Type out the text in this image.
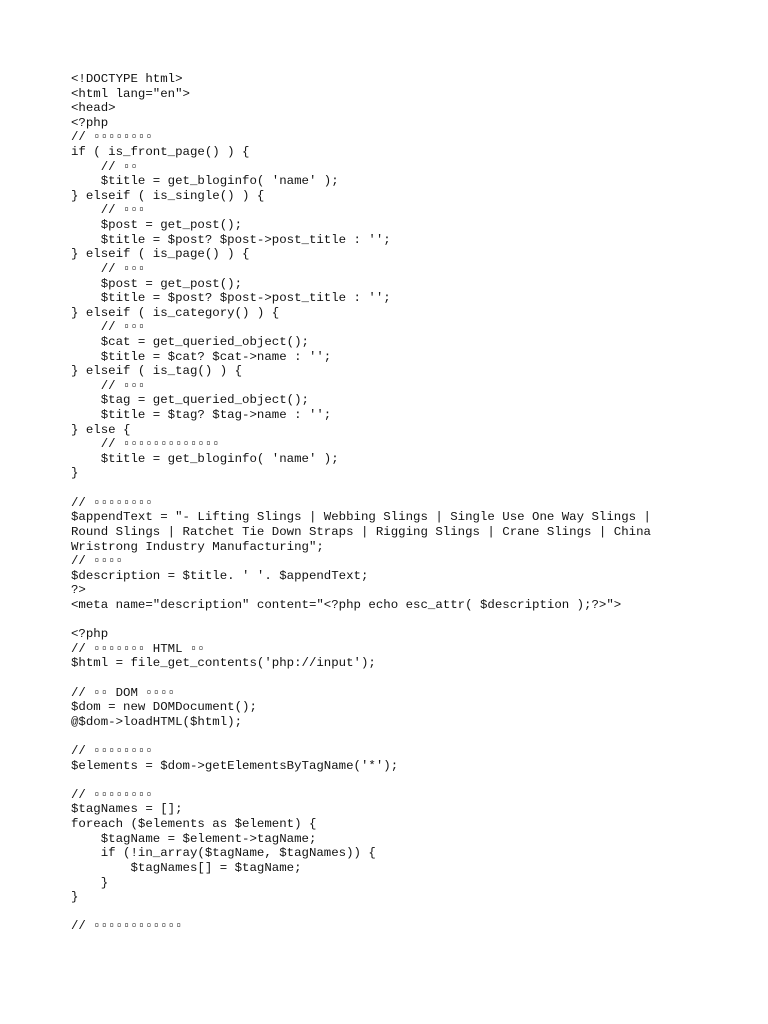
<!DOCTYPE html>
<html lang="en">
<head>
<?php
// ▫▫▫▫▫▫▫▫
if ( is_front_page() ) {
// ▫▫
$title = get_bloginfo( 'name' );
} elseif ( is_single() ) {
// ▫▫▫
$post = get_post();
$title = $post? $post->post_title : '';
} elseif ( is_page() ) {
// ▫▫▫
$post = get_post();
$title = $post? $post->post_title : '';
} elseif ( is_category() ) {
// ▫▫▫
$cat = get_queried_object();
$title = $cat? $cat->name : '';
} elseif ( is_tag() ) {
// ▫▫▫
$tag = get_queried_object();
$title = $tag? $tag->name : '';
} else {
// ▫▫▫▫▫▫▫▫▫▫▫▫▫
$title = get_bloginfo( 'name' );
}
// ▫▫▫▫▫▫▫▫
$appendText = "- Lifting Slings | Webbing Slings | Single Use One Way Slings |
Round Slings | Ratchet Tie Down Straps | Rigging Slings | Crane Slings | China
Wristrong Industry Manufacturing";
// ▫▫▫▫
$description = $title. ' '. $appendText;
?>
<meta name="description" content="<?php echo esc_attr( $description );?>">
<?php
// ▫▫▫▫▫▫▫ HTML ▫▫
$html = file_get_contents('php://input');
// ▫▫ DOM ▫▫▫▫
$dom = new DOMDocument();
@$dom->loadHTML($html);
// ▫▫▫▫▫▫▫▫
$elements = $dom->getElementsByTagName('*');
// ▫▫▫▫▫▫▫▫
$tagNames = [];
foreach ($elements as $element) {
$tagName = $element->tagName;
if (!in_array($tagName, $tagNames)) {
$tagNames[] = $tagName;
}
}
// ▫▫▫▫▫▫▫▫▫▫▫▫
